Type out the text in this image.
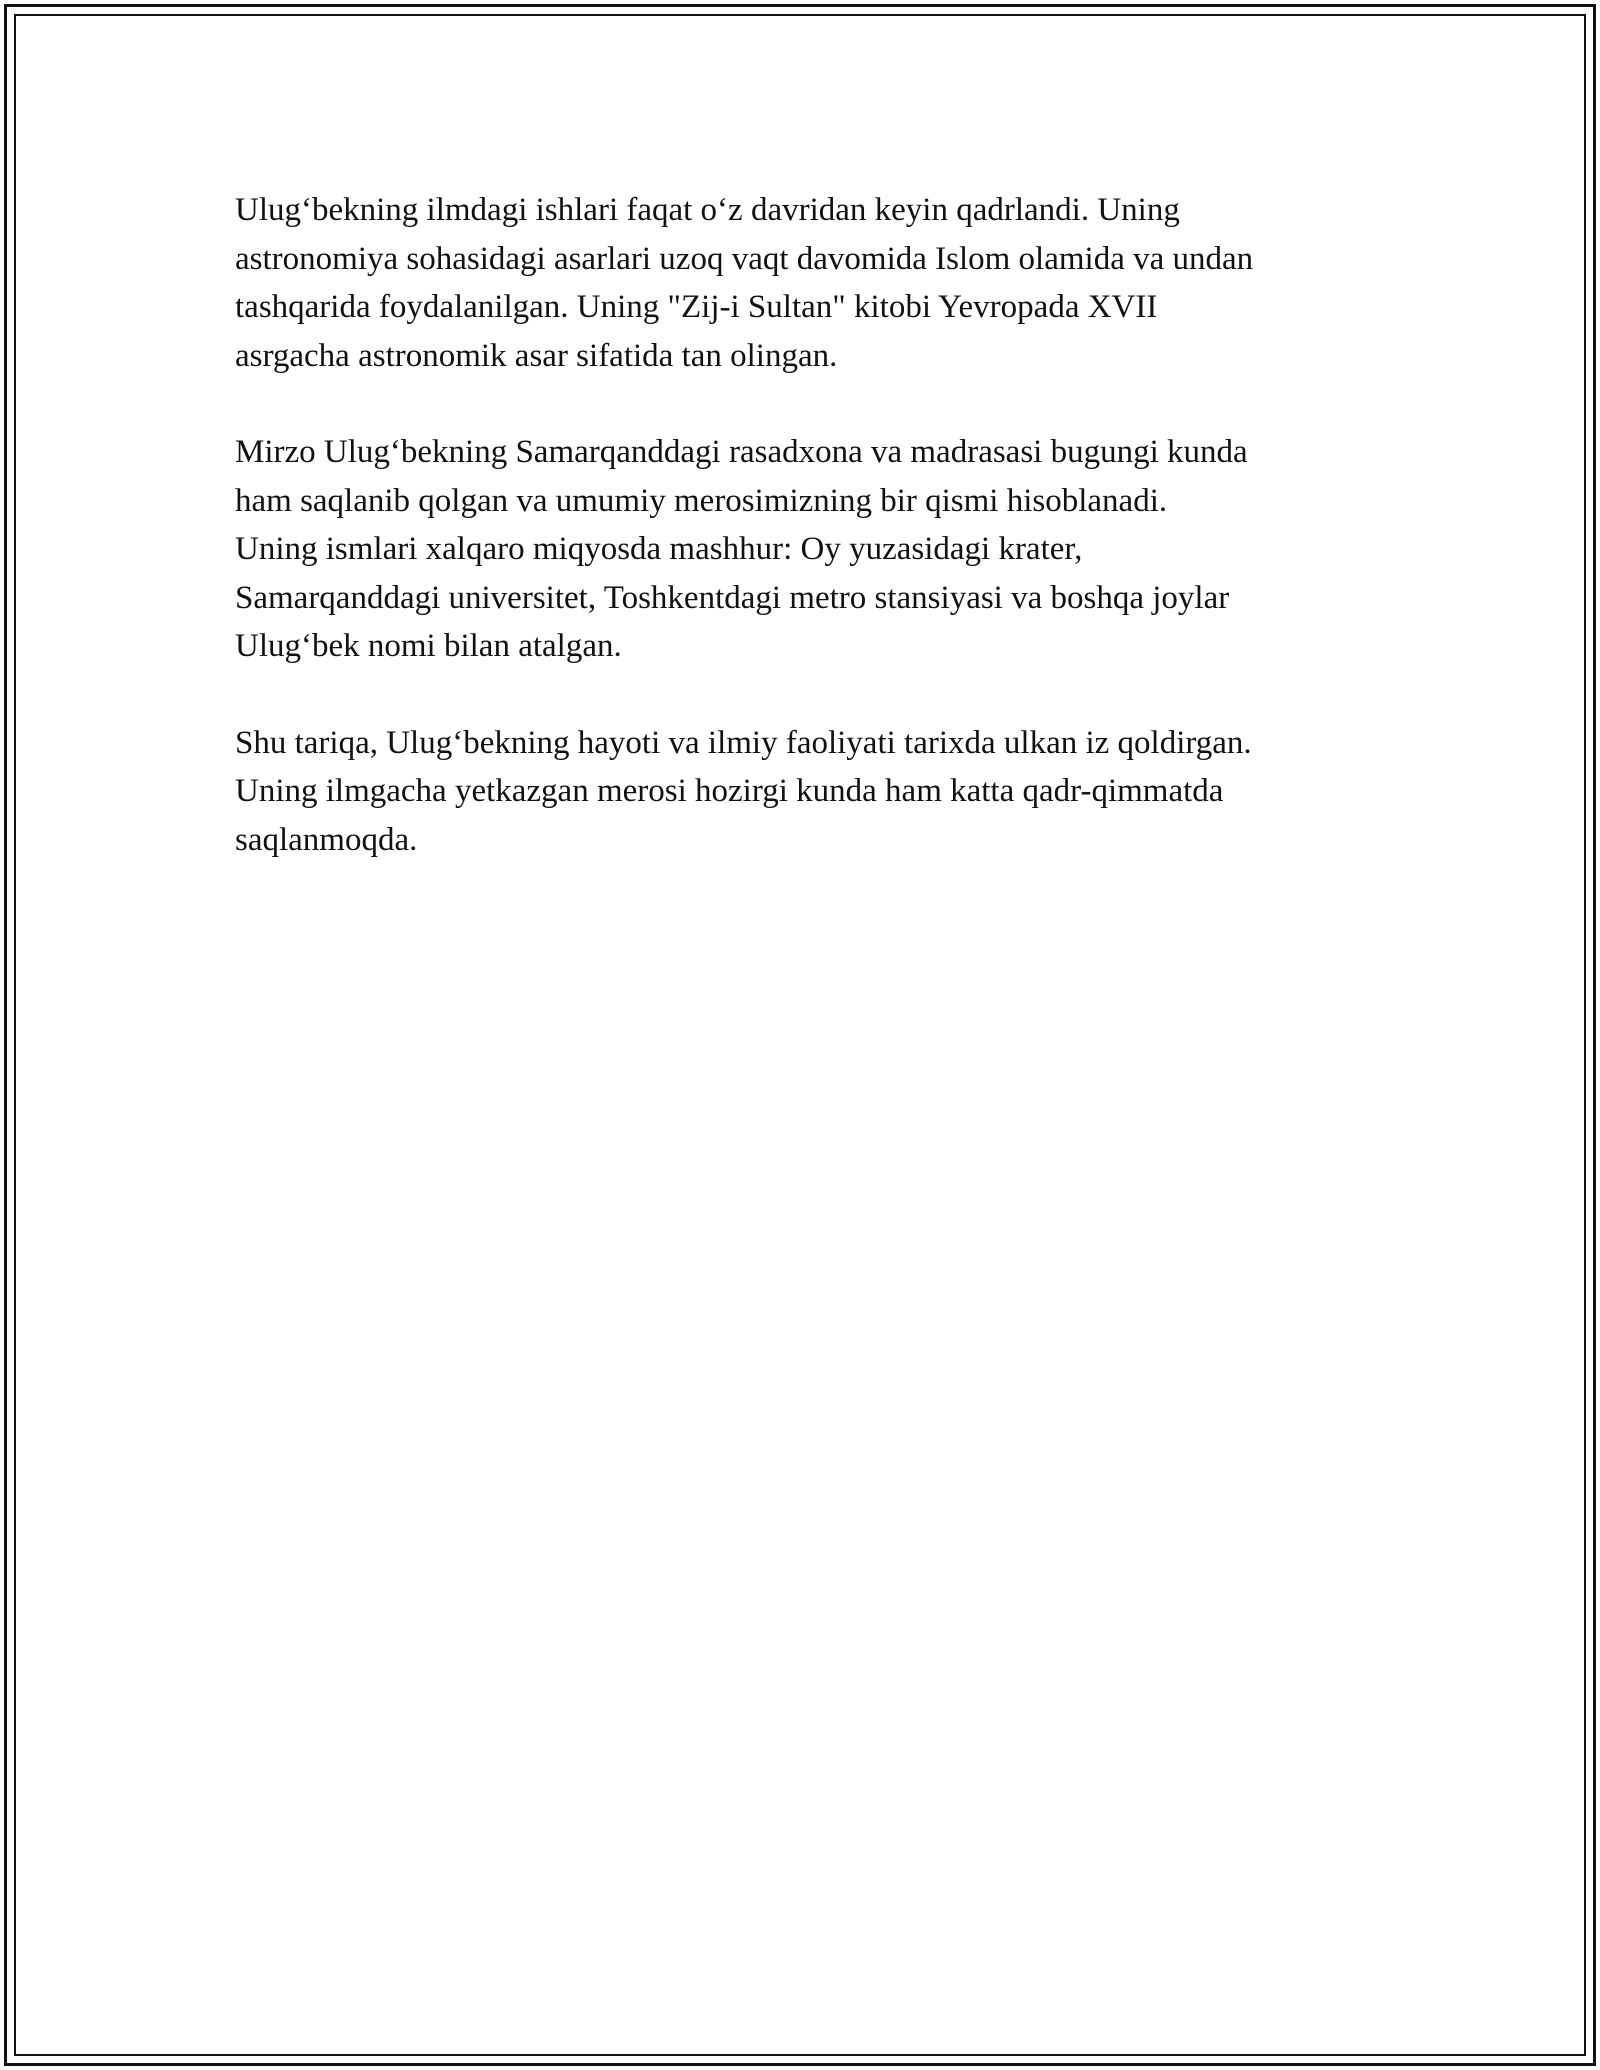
Ulug‘bekning ilmdagi ishlari faqat o‘z davridan keyin qadrlandi. Uning
astronomiya sohasidagi asarlari uzoq vaqt davomida Islom olamida va undan
tashqarida foydalanilgan. Uning "Zij-i Sultan" kitobi Yevropada XVII
asrgacha astronomik asar sifatida tan olingan.

Mirzo Ulug‘bekning Samarqanddagi rasadxona va madrasasi bugungi kunda
ham saqlanib qolgan va umumiy merosimizning bir qismi hisoblanadi.
Uning ismlari xalqaro miqyosda mashhur: Oy yuzasidagi krater,
Samarqanddagi universitet, Toshkentdagi metro stansiyasi va boshqa joylar
Ulug‘bek nomi bilan atalgan.

Shu tariqa, Ulug‘bekning hayoti va ilmiy faoliyati tarixda ulkan iz qoldirgan.
Uning ilmgacha yetkazgan merosi hozirgi kunda ham katta qadr-qimmatda
saqlanmoqda.
